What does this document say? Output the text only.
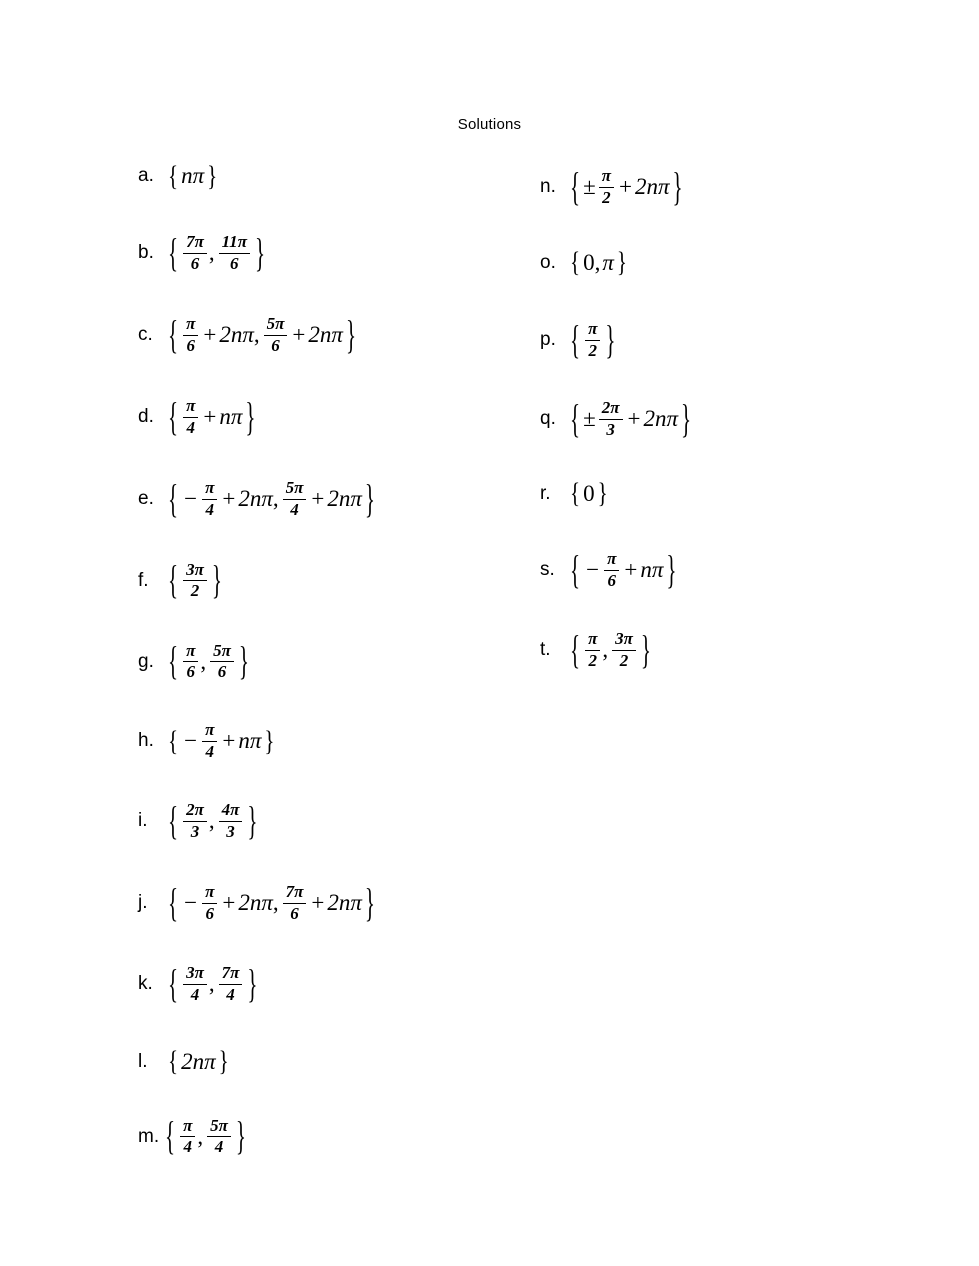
Solutions
a. { nπ }
b. { $\frac{7\pi}{6}$ , $\frac{11\pi}{6}$ }
c. { $\frac{\pi}{6} + 2n\pi$ , $\frac{5\pi}{6} + 2n\pi$ }
d. { $\frac{\pi}{4} + n\pi$ }
e. { − $\frac{\pi}{4} + 2n\pi$ , $\frac{5\pi}{4} + 2n\pi$ }
f. { $\frac{3\pi}{2}$ }
g. { $\frac{\pi}{6}$ , $\frac{5\pi}{6}$ }
h. { − $\frac{\pi}{4} + n\pi$ }
i. { $\frac{2\pi}{3}$ , $\frac{4\pi}{3}$ }
j. { − $\frac{\pi}{6} + 2n\pi$ , $\frac{7\pi}{6} + 2n\pi$ }
k. { $\frac{3\pi}{4}$ , $\frac{7\pi}{4}$ }
l. { 2nπ }
m. { $\frac{\pi}{4}$ , $\frac{5\pi}{4}$ }
n. { ± $\frac{\pi}{2} + 2n\pi$ }
o. { 0 , π }
p. { $\frac{\pi}{2}$ }
q. { ± $\frac{2\pi}{3} + 2n\pi$ }
r. { 0 }
s. { − $\frac{\pi}{6} + n\pi$ }
t. { $\frac{\pi}{2}$ , $\frac{3\pi}{2}$ }
